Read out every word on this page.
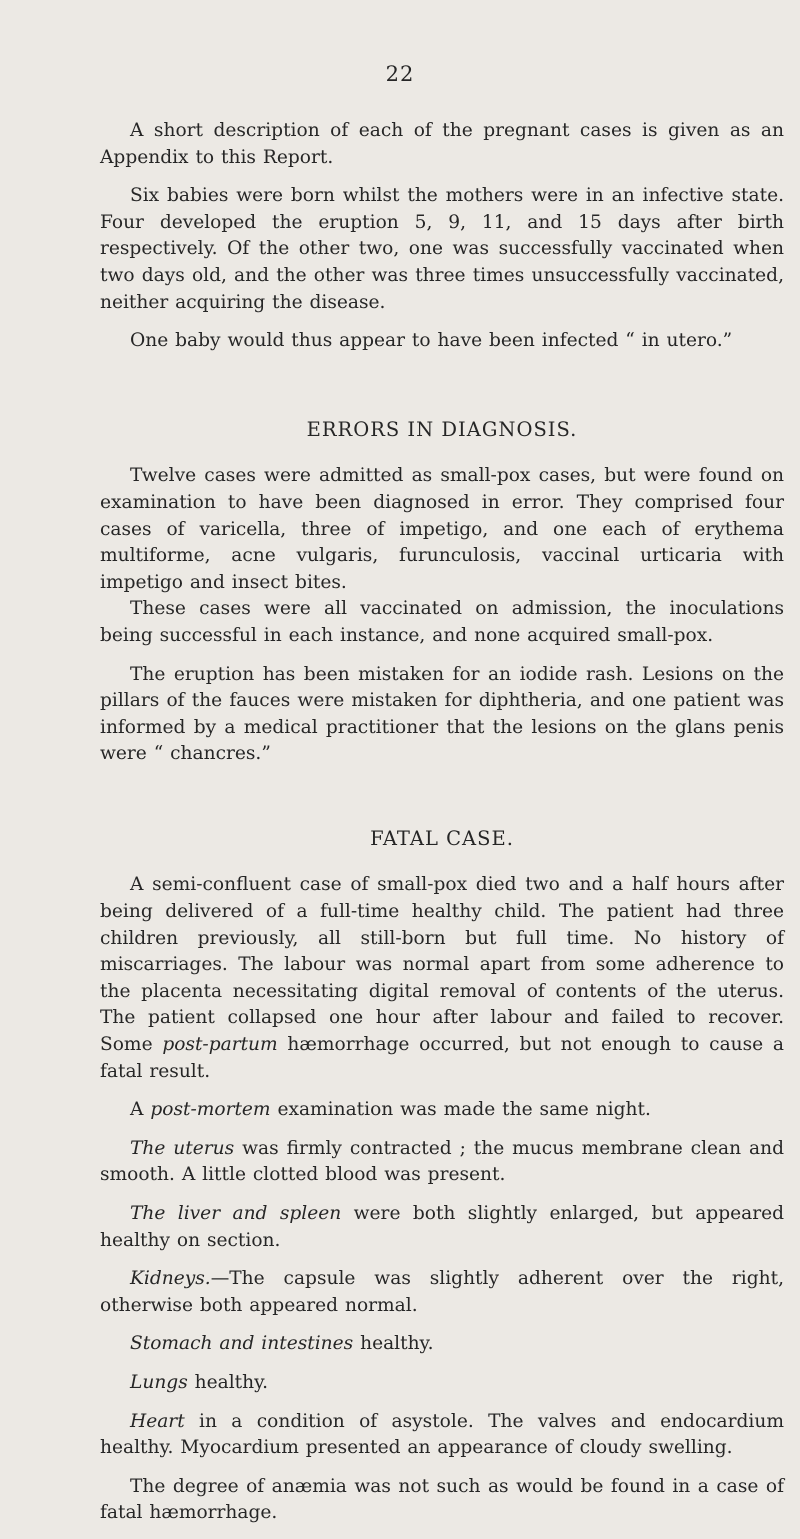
22

A short description of each of the pregnant cases is given as an Appendix to this Report.

Six babies were born whilst the mothers were in an infective state. Four developed the eruption 5, 9, 11, and 15 days after birth respectively. Of the other two, one was successfully vaccinated when two days old, and the other was three times unsuccessfully vaccinated, neither acquiring the disease.

One baby would thus appear to have been infected “ in utero.”

ERRORS IN DIAGNOSIS.

Twelve cases were admitted as small-pox cases, but were found on examination to have been diagnosed in error. They comprised four cases of varicella, three of impetigo, and one each of erythema multiforme, acne vulgaris, furunculosis, vaccinal urticaria with impetigo and insect bites.

These cases were all vaccinated on admission, the inoculations being successful in each instance, and none acquired small-pox.

The eruption has been mistaken for an iodide rash. Lesions on the pillars of the fauces were mistaken for diphtheria, and one patient was informed by a medical practitioner that the lesions on the glans penis were “ chancres.”

FATAL CASE.

A semi-confluent case of small-pox died two and a half hours after being delivered of a full-time healthy child. The patient had three children previously, all still-born but full time. No history of miscarriages. The labour was normal apart from some adherence to the placenta necessitating digital removal of contents of the uterus. The patient collapsed one hour after labour and failed to recover. Some post-partum hæmorrhage occurred, but not enough to cause a fatal result.

A post-mortem examination was made the same night.

The uterus was firmly contracted ; the mucus membrane clean and smooth. A little clotted blood was present.

The liver and spleen were both slightly enlarged, but appeared healthy on section.

Kidneys.—The capsule was slightly adherent over the right, otherwise both appeared normal.

Stomach and intestines healthy.

Lungs healthy.

Heart in a condition of asystole. The valves and endocardium healthy. Myocardium presented an appearance of cloudy swelling.

The degree of anæmia was not such as would be found in a case of fatal hæmorrhage.
